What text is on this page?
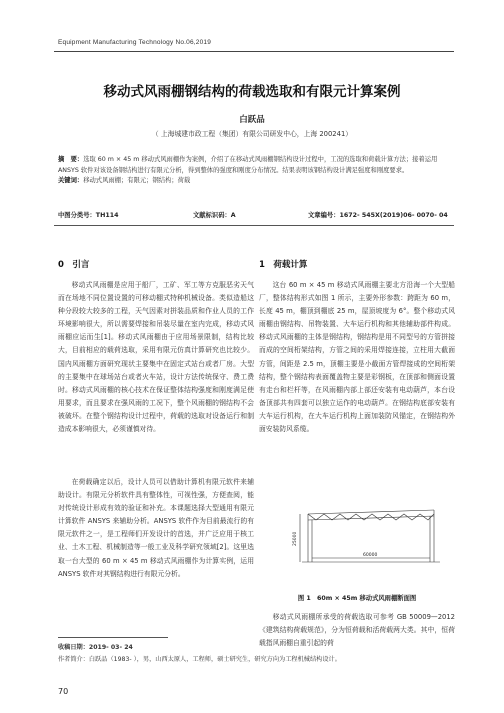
Equipment Manufacturing Technology No.06,2019
移动式风雨棚钢结构的荷载选取和有限元计算案例
白跃品
（ 上海城建市政工程（集团）有限公司研发中心，上海 200241）
摘　要：选取 60 m × 45 m 移动式风雨棚作为案例，介绍了在移动式风雨棚钢结构设计过程中，工况的选取和荷载计算方法；接着运用 ANSYS 软件对该设备钢结构进行有限元分析，得到整体的强度和刚度分布情况。结果表明该钢结构设计满足强度和刚度要求。
关键词：移动式风雨棚；有限元；钢结构；荷载
中图分类号：TH114	文献标识码：A	文章编号：1672- 545X(2019)06- 0070- 04
0　引言
移动式风雨棚是应用于船厂，工矿、军工等方克服恶劣天气而在场地不同位置设置的可移动棚式特种机械设备。类似造船这种分段较大较多的工程，天气因素对拼装品质和作业人员的工作环境影响很大，所以需要焊接和吊装尽量在室内完成，移动式风雨棚应运而生[1]。移动式风雨棚由于应用场景限制，结构比较大，目前相应的载荷选取，采用有限元仿真计算研究也比较少。国内风雨棚方面研究现状主要集中在固定式站台或者厂房。大型的主要集中在球场站台或者火车站，设计方法传统保守、费工费时。移动式风雨棚的核心技术在保证整体结构强度和刚度满足使用要求，而且要求在强风雨的工况下，整个风雨棚的钢结构不会被破坏。在整个钢结构设计过程中，荷载的选取对设备运行和制造成本影响很大，必须谨慎对待。
在荷载确定以后，设计人员可以借助计算机有限元软件来辅助设计。有限元分析软件具有整体性，可视性强，方便查阅，能对传统设计形成有效的验证和补充。本课题选择大型通用有限元计算软件 ANSYS 来辅助分析。ANSYS 软件作为目前最流行的有限元软件之一，是工程师们开发设计的首选，并广泛应用于核工业、土木工程、机械制造等一般工业及科学研究领域[2]。这里选取一台大型的 60 m × 45 m 移动式风雨棚作为计算实例，运用 ANSYS 软件对其钢结构进行有限元分析。
1　荷载计算
这台 60 m × 45 m 移动式风雨棚主要北方沿海一个大型船厂，整体结构形式如图 1 所示，主要外形参数：跨距为 60 m，长度 45 m，棚顶到棚底 25 m，屋顶坡度为 6°。整个移动式风雨棚由钢结构、吊物装置、大车运行机构和其他辅助部件构成。移动式风雨棚的主体是钢结构，钢结构是用不同型号的方管拼接而成的空间桁架结构，方管之间的采用焊接连接，立柱用大截面方管，间距是 2.5 m，顶棚主要是小截面方管焊接成的空间桁架结构，整个钢结构表面覆盖物主要是彩钢板，在顶部和侧面设置有走台和栏杆等，在风雨棚内部上部还安装有电动葫芦，本台设备顶部共有四套可以独立运作的电动葫芦。在钢结构底部安装有大车运行机构，在大车运行机构上面加装防风锚定，在钢结构外面安装防风系缆。
25000
60000
图 1　60m × 45m 移动式风雨棚断面图
移动式风雨棚所承受的荷载选取可参考 GB 50009—2012《建筑结构荷载规范》，分为恒荷载和活荷载两大类。其中，恒荷载指风雨棚自重引起的荷
收稿日期：2019- 03- 24
作者简介：白跃品（1983- ），男，山西太原人，工程师，硕士研究生，研究方向为工程机械结构设计。
70
